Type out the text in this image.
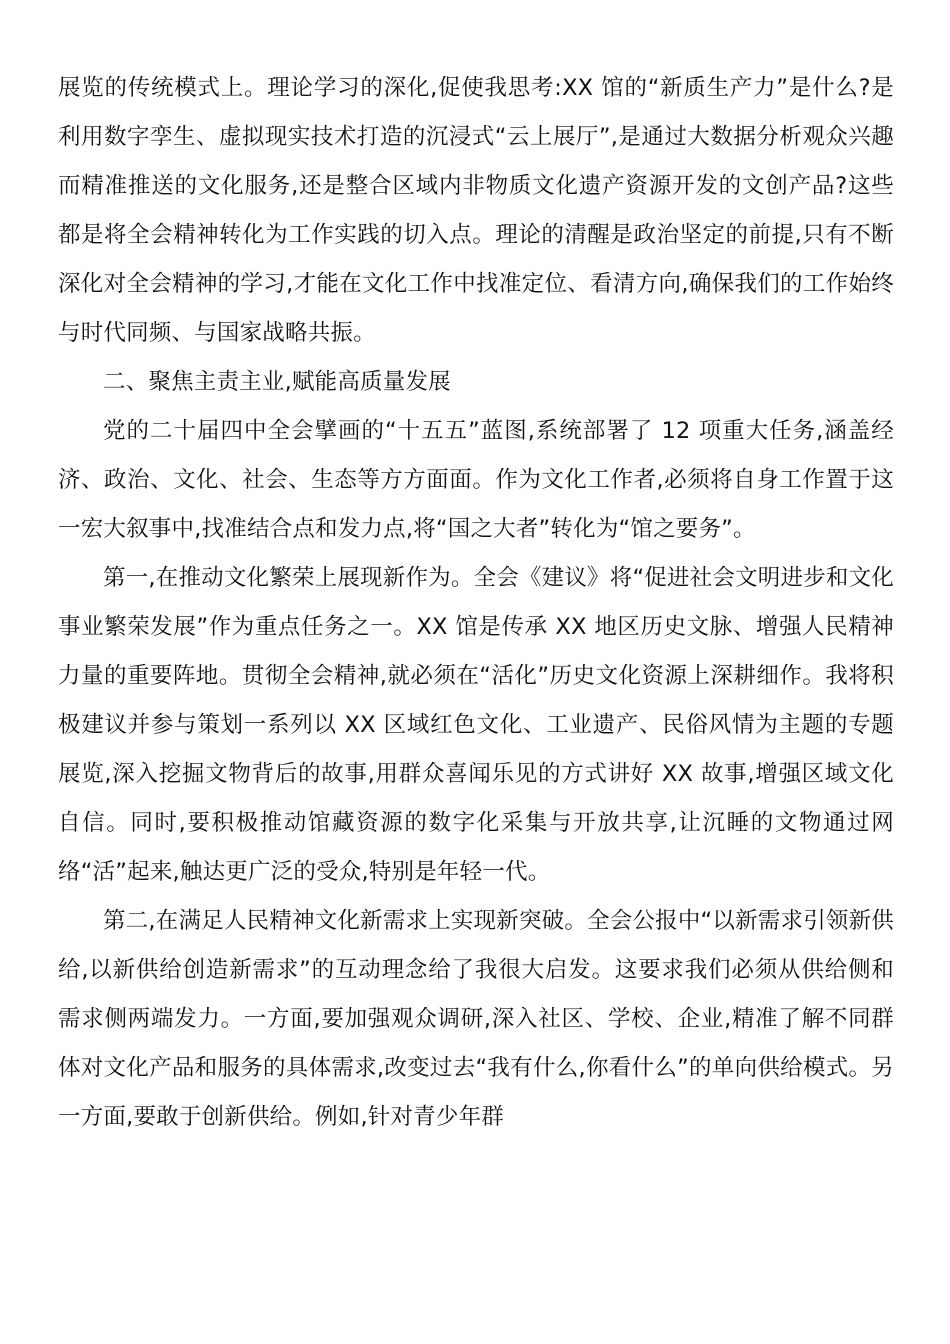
展览的传统模式上。理论学习的深化,促使我思考:XX 馆的“新质生产力”是什么?是利用数字孪生、虚拟现实技术打造的沉浸式“云上展厅”,是通过大数据分析观众兴趣而精准推送的文化服务,还是整合区域内非物质文化遗产资源开发的文创产品?这些都是将全会精神转化为工作实践的切入点。理论的清醒是政治坚定的前提,只有不断深化对全会精神的学习,才能在文化工作中找准定位、看清方向,确保我们的工作始终与时代同频、与国家战略共振。

二、聚焦主责主业,赋能高质量发展

党的二十届四中全会擘画的“十五五”蓝图,系统部署了 12 项重大任务,涵盖经济、政治、文化、社会、生态等方方面面。作为文化工作者,必须将自身工作置于这一宏大叙事中,找准结合点和发力点,将“国之大者”转化为“馆之要务”。

第一,在推动文化繁荣上展现新作为。全会《建议》将“促进社会文明进步和文化事业繁荣发展”作为重点任务之一。XX 馆是传承 XX 地区历史文脉、增强人民精神力量的重要阵地。贯彻全会精神,就必须在“活化”历史文化资源上深耕细作。我将积极建议并参与策划一系列以 XX 区域红色文化、工业遗产、民俗风情为主题的专题展览,深入挖掘文物背后的故事,用群众喜闻乐见的方式讲好 XX 故事,增强区域文化自信。同时,要积极推动馆藏资源的数字化采集与开放共享,让沉睡的文物通过网络“活”起来,触达更广泛的受众,特别是年轻一代。

第二,在满足人民精神文化新需求上实现新突破。全会公报中“以新需求引领新供给,以新供给创造新需求”的互动理念给了我很大启发。这要求我们必须从供给侧和需求侧两端发力。一方面,要加强观众调研,深入社区、学校、企业,精准了解不同群体对文化产品和服务的具体需求,改变过去“我有什么,你看什么”的单向供给模式。另一方面,要敢于创新供给。例如,针对青少年群
